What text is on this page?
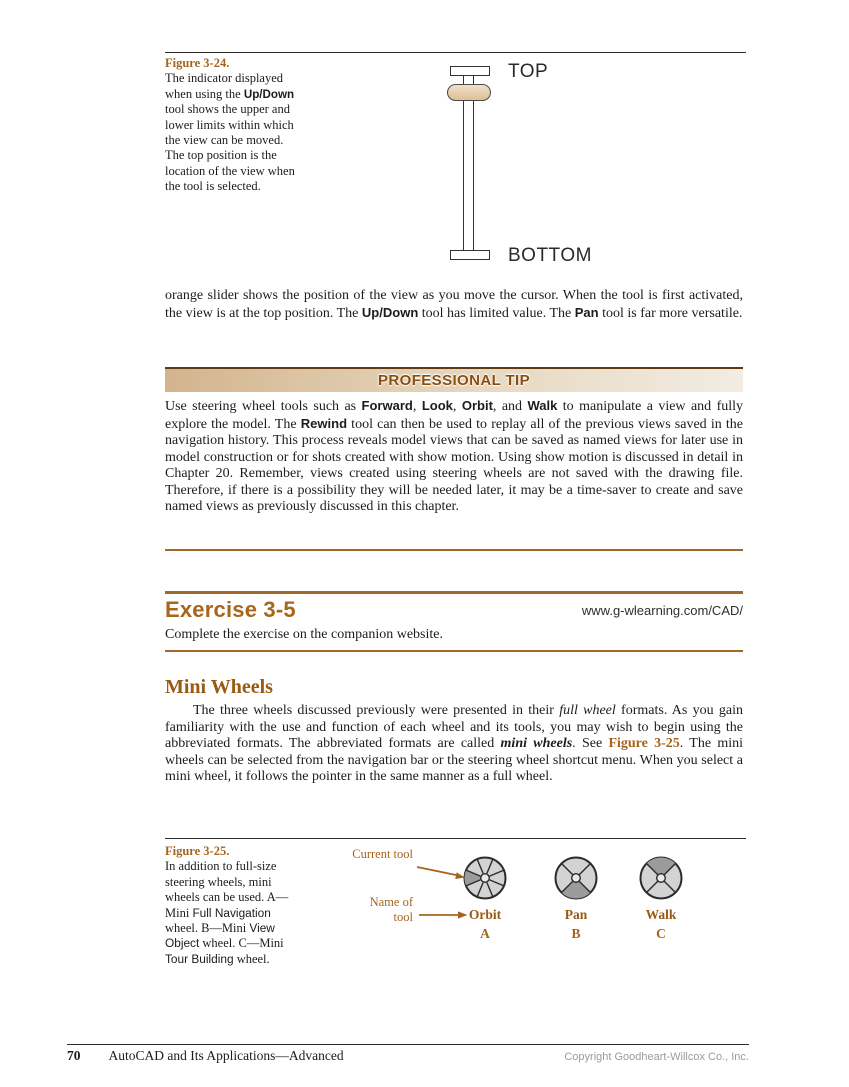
Figure 3-24.
The indicator displayed when using the Up/Down tool shows the upper and lower limits within which the view can be moved. The top position is the location of the view when the tool is selected.
TOP
BOTTOM
orange slider shows the position of the view as you move the cursor. When the tool is first activated, the view is at the top position. The Up/Down tool has limited value. The Pan tool is far more versatile.
PROFESSIONAL TIP
Use steering wheel tools such as Forward, Look, Orbit, and Walk to manipulate a view and fully explore the model. The Rewind tool can then be used to replay all of the previous views saved in the navigation history. This process reveals model views that can be saved as named views for later use in model construction or for shots created with show motion. Using show motion is discussed in detail in Chapter 20. Remember, views created using steering wheels are not saved with the drawing file. Therefore, if there is a possibility they will be needed later, it may be a time-saver to create and save named views as previously discussed in this chapter.
Exercise 3-5	www.g-wlearning.com/CAD/
Complete the exercise on the companion website.
Mini Wheels
The three wheels discussed previously were presented in their full wheel formats. As you gain familiarity with the use and function of each wheel and its tools, you may wish to begin using the abbreviated formats. The abbreviated formats are called mini wheels. See Figure 3-25. The mini wheels can be selected from the navigation bar or the steering wheel shortcut menu. When you select a mini wheel, it follows the pointer in the same manner as a full wheel.
Figure 3-25.
In addition to full-size steering wheels, mini wheels can be used. A—Mini Full Navigation wheel. B—Mini View Object wheel. C—Mini Tour Building wheel.
Current tool
Name of tool	Orbit	Pan	Walk
A	B	C
70 AutoCAD and Its Applications—Advanced	Copyright Goodheart-Willcox Co., Inc.
